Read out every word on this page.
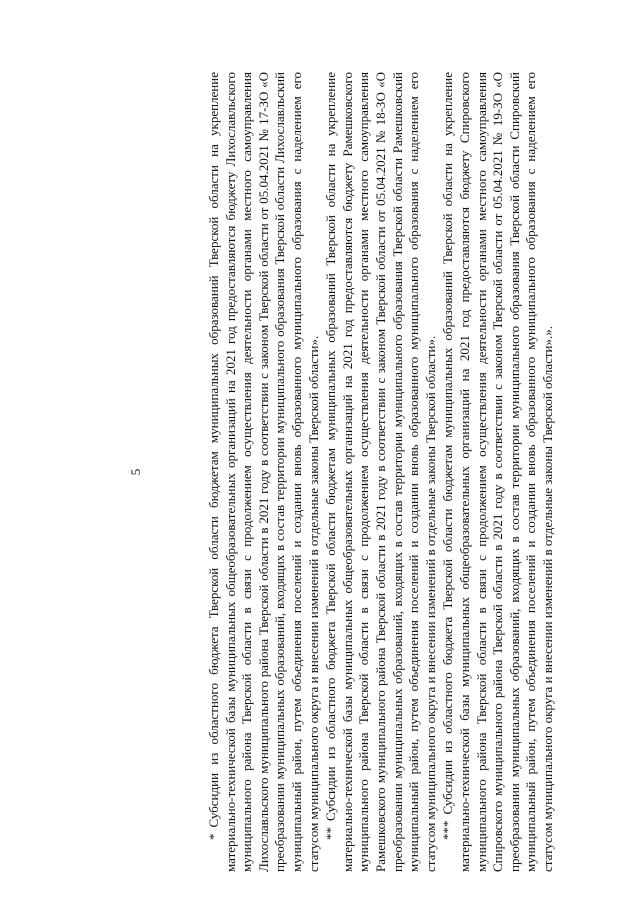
5

*Субсидии из областного бюджета Тверской области бюджетам муниципальных образований Тверской области на укрепление материально-технической базы муниципальных общеобразовательных организаций на 2021 год предоставляются бюджету Лихославльского муниципального района Тверской области в связи с продолжением осуществления деятельности органами местного самоуправления Лихославльского муниципального района Тверской области в 2021 году в соответствии с законом Тверской области от 05.04.2021 № 17-ЗО «О преобразовании муниципальных образований, входящих в состав территории муниципального образования Тверской области Лихославльский муниципальный район, путем объединения поселений и создании вновь образованного муниципального образования с наделением его статусом муниципального округа и внесении изменений в отдельные законы Тверской области». **Субсидии из областного бюджета Тверской области бюджетам муниципальных образований Тверской области на укрепление материально-технической базы муниципальных общеобразовательных организаций на 2021 год предоставляются бюджету Рамешковского муниципального района Тверской области в связи с продолжением осуществления деятельности органами местного самоуправления Рамешковского муниципального района Тверской области в 2021 году в соответствии с законом Тверской области от 05.04.2021 № 18-ЗО «О преобразовании муниципальных образований, входящих в состав территории муниципального образования Тверской области Рамешковский муниципальный район, путем объединения поселений и создании вновь образованного муниципального образования с наделением его статусом муниципального округа и внесении изменений в отдельные законы Тверской области». ***Субсидии из областного бюджета Тверской области бюджетам муниципальных образований Тверской области на укрепление материально-технической базы муниципальных общеобразовательных организаций на 2021 год предоставляются бюджету Спировского муниципального района Тверской области в связи с продолжением осуществления деятельности органами местного самоуправления Спировского муниципального района Тверской области в 2021 году в соответствии с законом Тверской области от 05.04.2021 № 19-ЗО «О преобразовании муниципальных образований, входящих в состав территории муниципального образования Тверской области Спировский муниципальный район, путем объединения поселений и создании вновь образованного муниципального образования с наделением его статусом муниципального округа и внесении изменений в отдельные законы Тверской области».».
